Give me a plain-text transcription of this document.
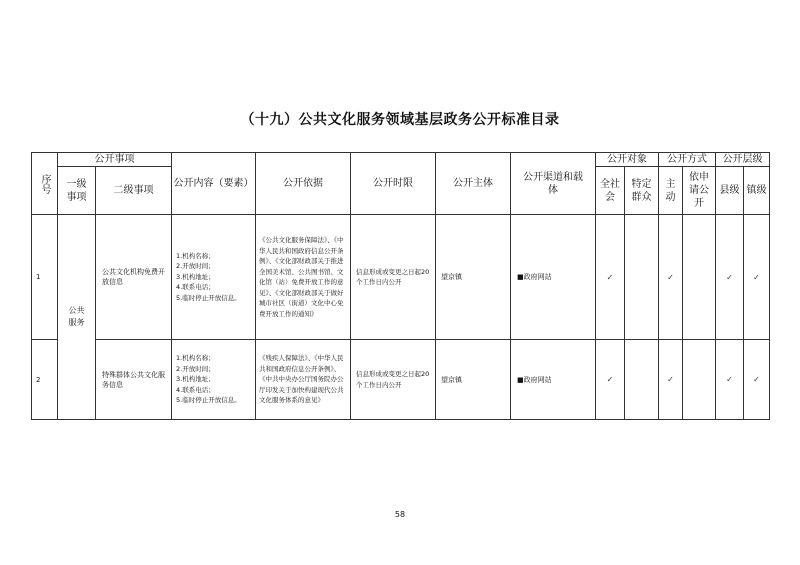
（十九）公共文化服务领域基层政务公开标准目录
序号	公开事项		公开内容（要素）	公开依据	公开时限	公开主体	公开渠道和载体	公开对象		公开方式		公开层级	
	一级事项	二级事项						全社会	特定群众	主动	依申请公开	县级	镇级
1	公共服务	公共文化机构免费开放信息	1.机构名称；
2.开放时间；
3.机构地址；
4.联系电话；
5.临时停止开放信息。	《公共文化服务保障法》、《中华人民共和国政府信息公开条例》、《文化部财政部关于推进全国美术馆、公共图书馆、文化馆（站）免费开放工作的意见》、《文化部财政部关于做好城市社区（街道）文化中心免费开放工作的通知》	信息形成或变更之日起20个工作日内公开	望京镇	■政府网站	✓		✓		✓	✓
2		特殊群体公共文化服务信息	1.机构名称；
2.开放时间；
3.机构地址；
4.联系电话；
5.临时停止开放信息。	《残疾人保障法》、《中华人民共和国政府信息公开条例》、《中共中央办公厅国务院办公厅印发关于加快构建现代公共文化服务体系的意见》	信息形成或变更之日起20个工作日内公开	望京镇	■政府网站	✓		✓		✓	✓
58
